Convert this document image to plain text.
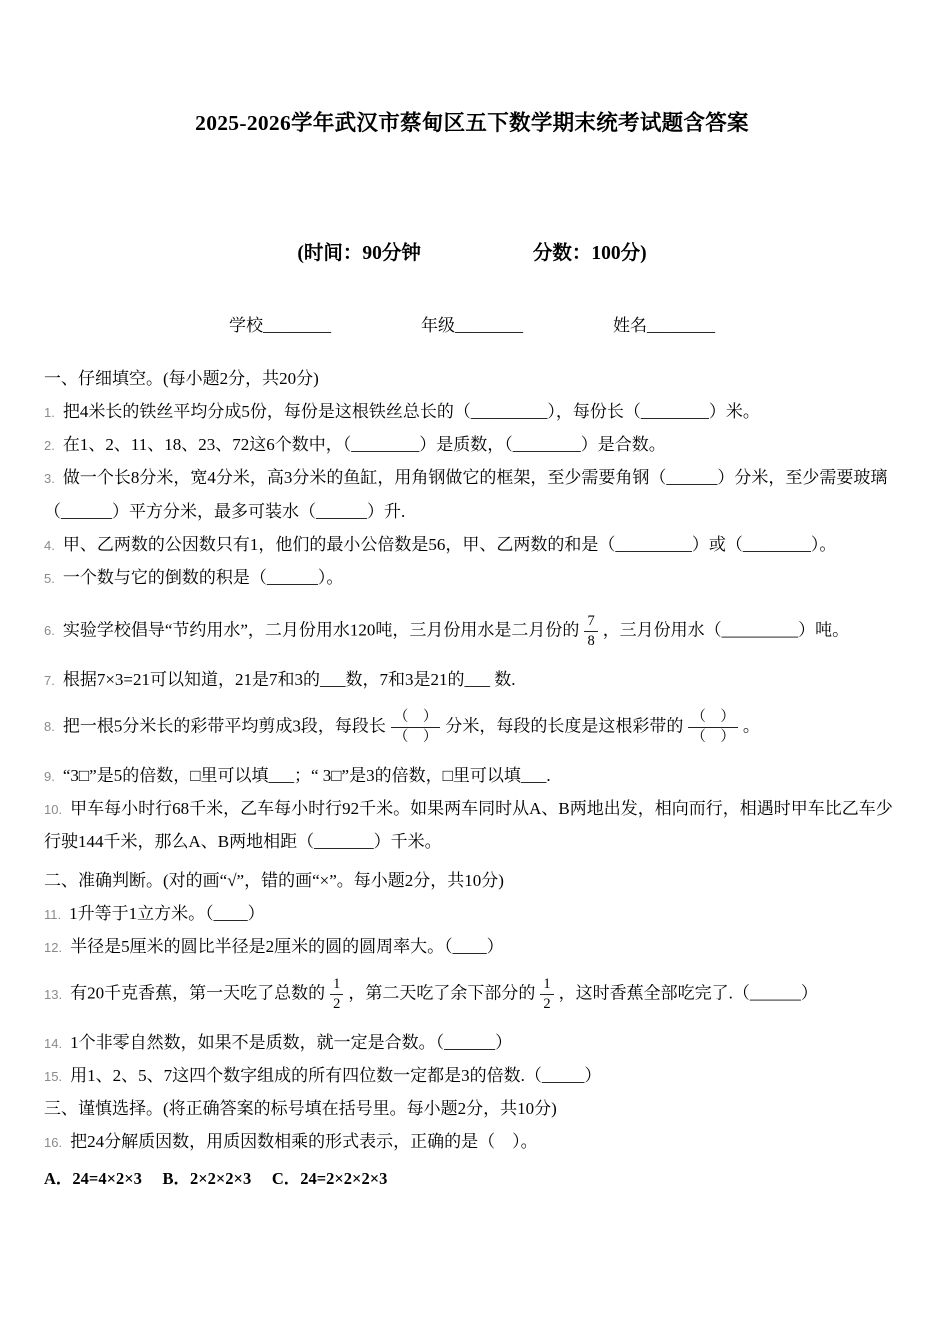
2025-2026学年武汉市蔡甸区五下数学期末统考试题含答案
(时间：90分钟	分数：100分)
学校________	年级________	姓名________

一、仔细填空。(每小题2分，共20分)

1. 把4米长的铁丝平均分成5份，每份是这根铁丝总长的（_________），每份长（________）米。

2. 在1、2、11、18、23、72这6个数中，（________）是质数，（________）是合数。

3. 做一个长8分米，宽4分米，高3分米的鱼缸，用角钢做它的框架，至少需要角钢（______）分米，至少需要玻璃（______）平方分米，最多可装水（______）升.

4. 甲、乙两数的公因数只有1，他们的最小公倍数是56，甲、乙两数的和是（_________）或（________）。

5. 一个数与它的倒数的积是（______）。

6. 实验学校倡导“节约用水”，二月份用水120吨，三月份用水是二月份的 $\frac{7}{8}$ ，三月份用水（_________）吨。

7. 根据7×3=21可以知道，21是7和3的___数，7和3是21的___ 数.

8. 把一根5分米长的彩带平均剪成3段，每段长 $\frac{( )}{( )}$ 分米，每段的长度是这根彩带的 $\frac{( )}{( )}$ 。

9. “3□”是5的倍数，□里可以填___；“ 3□”是3的倍数，□里可以填___.

10. 甲车每小时行68千米，乙车每小时行92千米。如果两车同时从A、B两地出发，相向而行，相遇时甲车比乙车少行驶144千米，那么A、B两地相距（_______）千米。

二、准确判断。(对的画“√”，错的画“×”。每小题2分，共10分)

11. 1升等于1立方米。（____）

12. 半径是5厘米的圆比半径是2厘米的圆的圆周率大。（____）

13. 有20千克香蕉，第一天吃了总数的 $\frac{1}{2}$ ，第二天吃了余下部分的 $\frac{1}{2}$ ，这时香蕉全部吃完了.（______）

14. 1个非零自然数，如果不是质数，就一定是合数。（______）

15. 用1、2、5、7这四个数字组成的所有四位数一定都是3的倍数.（_____）

三、谨慎选择。(将正确答案的标号填在括号里。每小题2分，共10分)

16. 把24分解质因数，用质因数相乘的形式表示，正确的是（　）。

A．24=4×2×3　 B．2×2×2×3　 C．24=2×2×2×3
